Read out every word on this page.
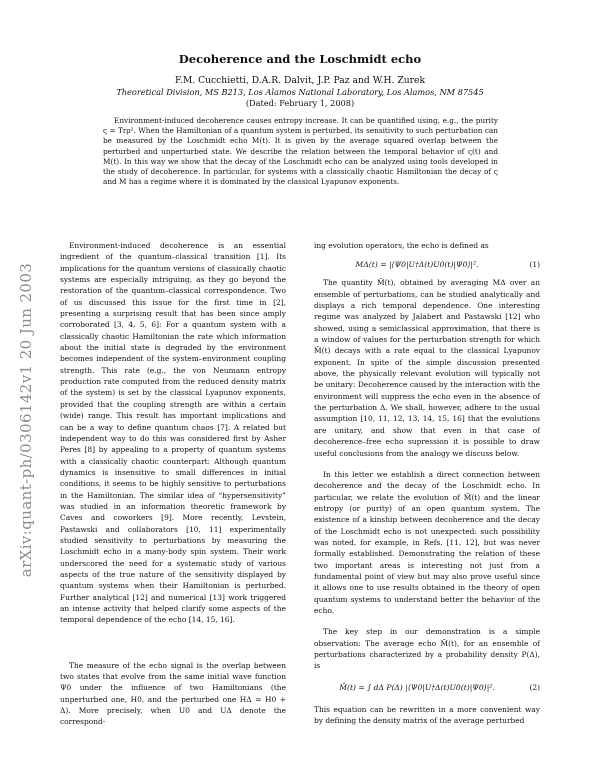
arXiv:quant-ph/0306142v1 20 Jun 2003
Decoherence and the Loschmidt echo
F.M. Cucchietti, D.A.R. Dalvit, J.P. Paz and W.H. Zurek
Theoretical Division, MS B213, Los Alamos National Laboratory, Los Alamos, NM 87545
(Dated: February 1, 2008)

Environment-induced decoherence causes entropy increase. It can be quantified using, e.g., the purity ς = Trρ². When the Hamiltonian of a quantum system is perturbed, its sensitivity to such perturbation can be measured by the Loschmidt echo M(t). It is given by the average squared overlap between the perturbed and unperturbed state. We describe the relation between the temporal behavior of ς(t) and M(t). In this way we show that the decay of the Loschmidt echo can be analyzed using tools developed in the study of decoherence. In particular, for systems with a classically chaotic Hamiltonian the decay of ς and M has a regime where it is dominated by the classical Lyapunov exponents.

Environment-induced decoherence is an essential ingredient of the quantum–classical transition [1]. Its implications for the quantum versions of classically chaotic systems are especially intriguing, as they go beyond the restoration of the quantum–classical correspondence. Two of us discussed this issue for the first time in [2], presenting a surprising result that has been since amply corroborated [3, 4, 5, 6]: For a quantum system with a classically chaotic Hamiltonian the rate which information about the initial state is degraded by the environment becomes independent of the system–environment coupling strength. This rate (e.g., the von Neumann entropy production rate computed from the reduced density matrix of the system) is set by the classical Lyapunov exponents, provided that the coupling strength are within a certain (wide) range. This result has important implications and can be a way to define quantum chaos [7]. A related but independent way to do this was considered first by Asher Peres [8] by appealing to a property of quantum systems with a classically chaotic counterpart: Although quantum dynamics is insensitive to small differences in initial conditions, it seems to be highly sensitive to perturbations in the Hamiltonian. The similar idea of “hypersensitivity” was studied in an information theoretic framework by Caves and coworkers [9]. More recently, Levstein, Pastawski and collaborators [10, 11] experimentally studied sensitivity to perturbations by measuring the Loschmidt echo in a many-body spin system. Their work underscored the need for a systematic study of various aspects of the true nature of the sensitivity displayed by quantum systems when their Hamiltonian is perturbed. Further analytical [12] and numerical [13] work triggered an intense activity that helped clarify some aspects of the temporal dependence of the echo [14, 15, 16].

The measure of the echo signal is the overlap between two states that evolve from the same initial wave function Ψ0 under the influence of two Hamiltonians (the unperturbed one, H0, and the perturbed one HΔ = H0 + Δ). More precisely, when U0 and UΔ denote the correspond-

ing evolution operators, the echo is defined as

MΔ(t) = |⟨Ψ0|U†Δ(t)U0(t)|Ψ0⟩|².	(1)

The quantity M̄(t), obtained by averaging MΔ over an ensemble of perturbations, can be studied analytically and displays a rich temporal dependence. One interesting regime was analyzed by Jalabert and Pastawski [12] who showed, using a semiclassical approximation, that there is a window of values for the perturbation strength for which M̄(t) decays with a rate equal to the classical Lyapunov exponent. In spite of the simple discussion presented above, the physically relevant evolution will typically not be unitary: Decoherence caused by the interaction with the environment will suppress the echo even in the absence of the perturbation Δ. We shall, however, adhere to the usual assumption [10, 11, 12, 13, 14, 15, 16] that the evolutions are unitary, and show that even in that case of decoherence–free echo supression it is possible to draw useful conclusions from the analogy we discuss below.

In this letter we establish a direct connection between decoherence and the decay of the Loschmidt echo. In particular, we relate the evolution of M̄(t) and the linear entropy (or purity) of an open quantum system. The existence of a kinship between decoherence and the decay of the Loschmidt echo is not unexpected: such possibility was noted, for example, in Refs. [11, 12], but was never formally established. Demonstrating the relation of these two important areas is interesting not just from a fundamental point of view but may also prove useful since it allows one to use results obtained in the theory of open quantum systems to understand better the behavior of the echo.

The key step in our demonstration is a simple observation: The average echo M̄(t), for an ensemble of perturbations characterized by a probability density P(Δ), is

M̄(t) = ∫ dΔ P(Δ) |⟨Ψ0|U†Δ(t)U0(t)|Ψ0⟩|².	(2)

This equation can be rewritten in a more convenient way by defining the density matrix of the average perturbed
